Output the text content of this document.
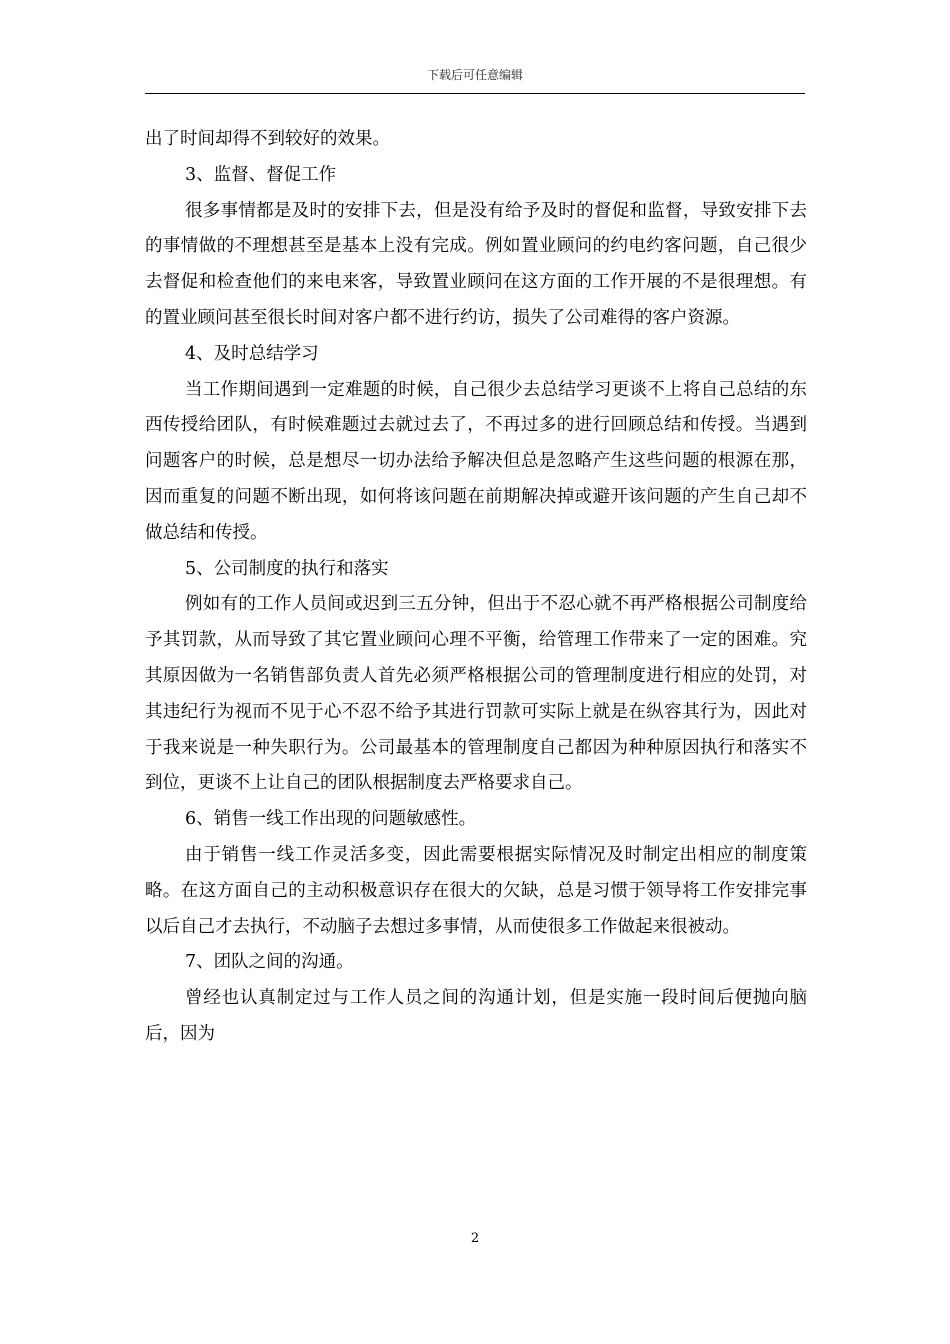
下载后可任意编辑

出了时间却得不到较好的效果。

3、监督、督促工作

很多事情都是及时的安排下去，但是没有给予及时的督促和监督，导致安排下去的事情做的不理想甚至是基本上没有完成。例如置业顾问的约电约客问题，自己很少去督促和检查他们的来电来客，导致置业顾问在这方面的工作开展的不是很理想。有的置业顾问甚至很长时间对客户都不进行约访，损失了公司难得的客户资源。

4、及时总结学习

当工作期间遇到一定难题的时候，自己很少去总结学习更谈不上将自己总结的东西传授给团队，有时候难题过去就过去了，不再过多的进行回顾总结和传授。当遇到问题客户的时候，总是想尽一切办法给予解决但总是忽略产生这些问题的根源在那，因而重复的问题不断出现，如何将该问题在前期解决掉或避开该问题的产生自己却不做总结和传授。

5、公司制度的执行和落实

例如有的工作人员间或迟到三五分钟，但出于不忍心就不再严格根据公司制度给予其罚款，从而导致了其它置业顾问心理不平衡，给管理工作带来了一定的困难。究其原因做为一名销售部负责人首先必须严格根据公司的管理制度进行相应的处罚，对其违纪行为视而不见于心不忍不给予其进行罚款可实际上就是在纵容其行为，因此对于我来说是一种失职行为。公司最基本的管理制度自己都因为种种原因执行和落实不到位，更谈不上让自己的团队根据制度去严格要求自己。

6、销售一线工作出现的问题敏感性。

由于销售一线工作灵活多变，因此需要根据实际情况及时制定出相应的制度策略。在这方面自己的主动积极意识存在很大的欠缺，总是习惯于领导将工作安排完事以后自己才去执行，不动脑子去想过多事情，从而使很多工作做起来很被动。

7、团队之间的沟通。

曾经也认真制定过与工作人员之间的沟通计划，但是实施一段时间后便抛向脑后，因为

2
